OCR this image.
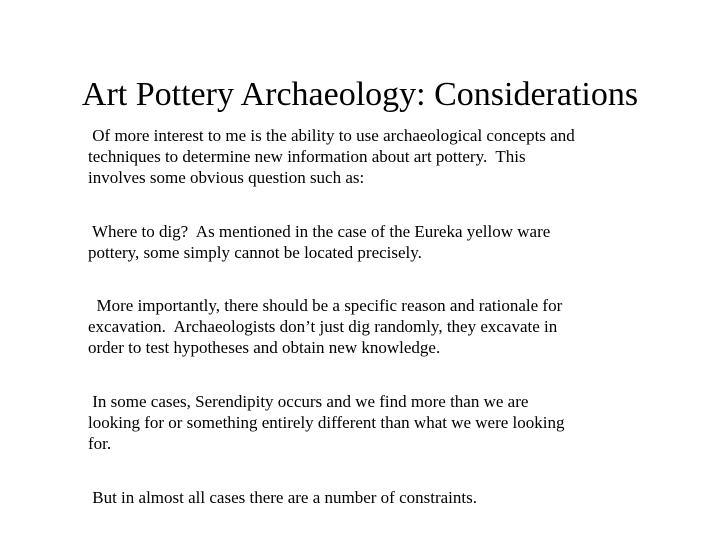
Art Pottery Archaeology: Considerations
Of more interest to me is the ability to use archaeological concepts and
techniques to determine new information about art pottery.  This
involves some obvious question such as:
Where to dig?  As mentioned in the case of the Eureka yellow ware
pottery, some simply cannot be located precisely.
More importantly, there should be a specific reason and rationale for
excavation.  Archaeologists don’t just dig randomly, they excavate in
order to test hypotheses and obtain new knowledge.
In some cases, Serendipity occurs and we find more than we are
looking for or something entirely different than what we were looking
for.
But in almost all cases there are a number of constraints.
